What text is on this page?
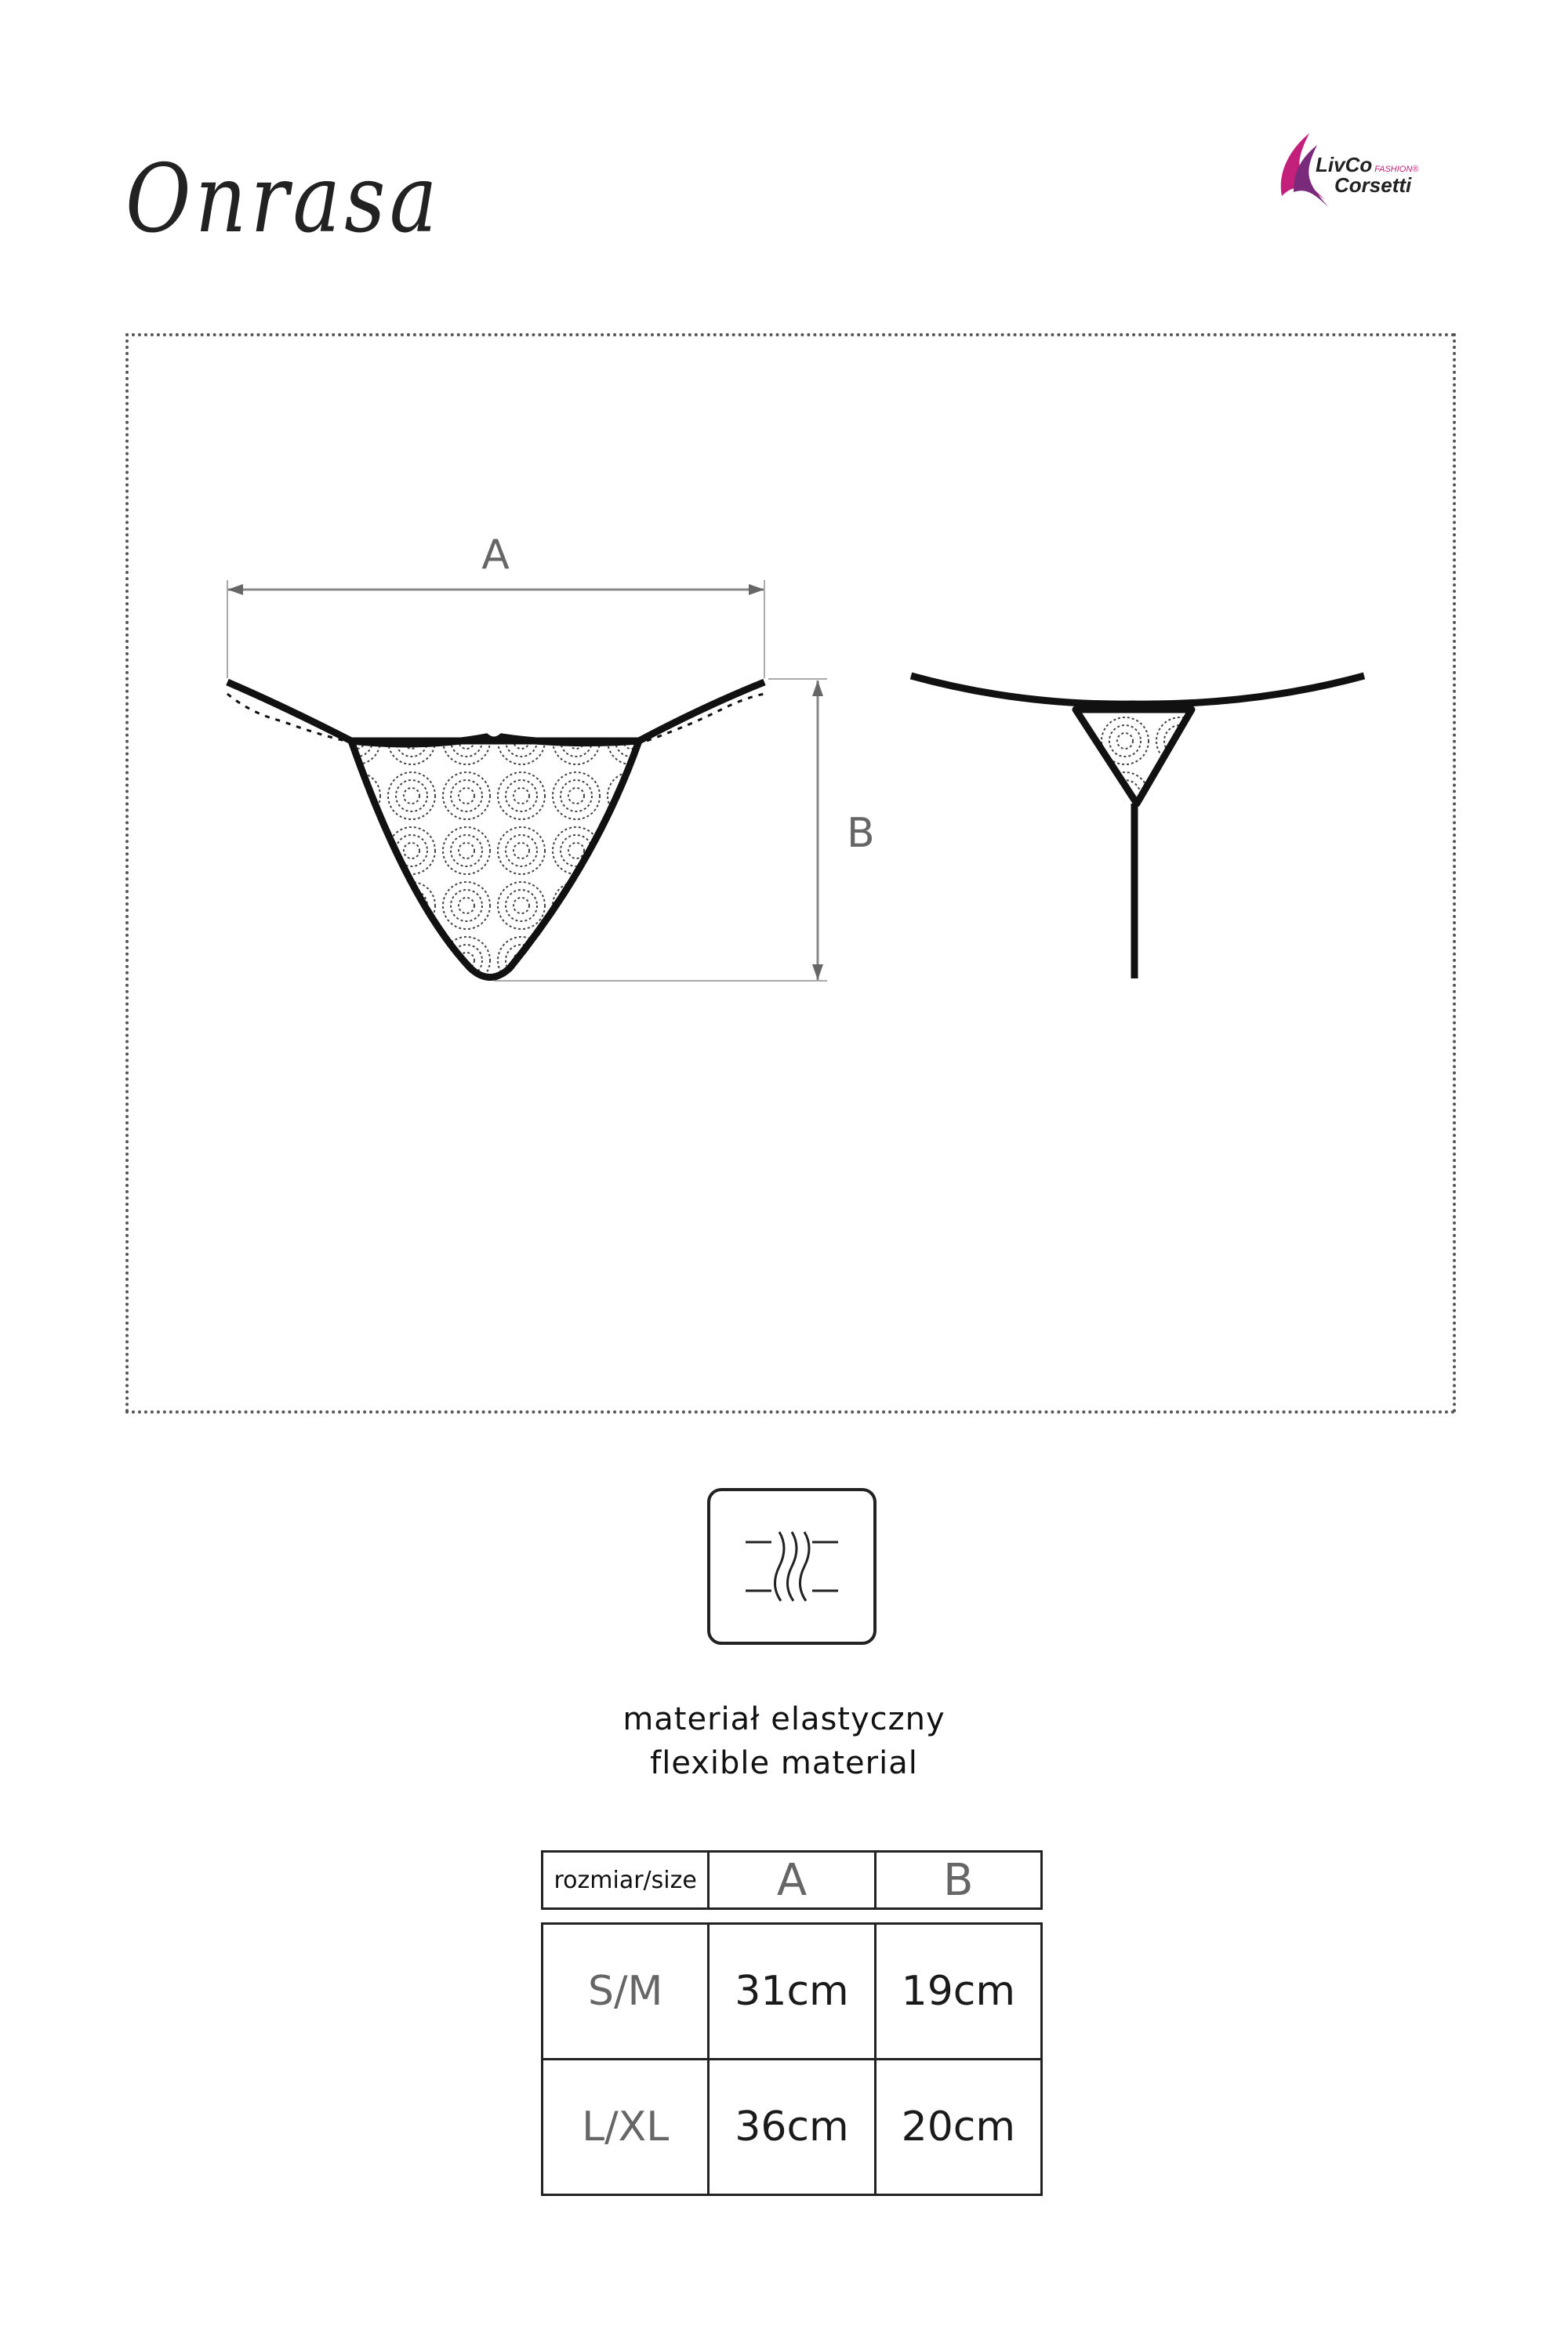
Onrasa	LivCo FASHION®
Corsetti
A
B
materiał elastyczny
flexible material
rozmiar/size	A	B
S/M	31cm	19cm
L/XL	36cm	20cm
